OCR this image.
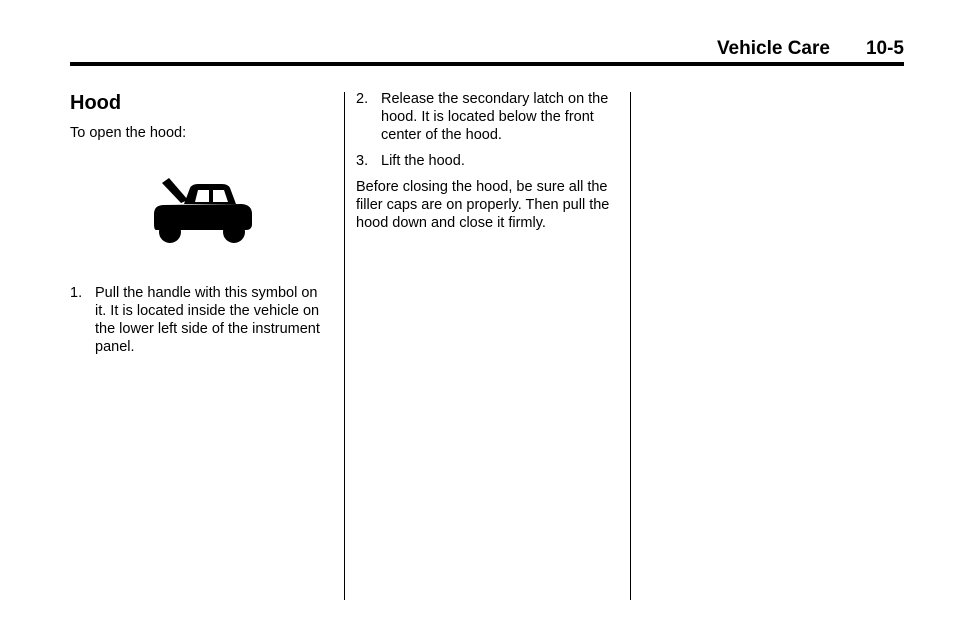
Vehicle Care 10-5
Hood

To open the hood:

1. Pull the handle with this symbol on it. It is located inside the vehicle on the lower left side of the instrument panel.
2. Release the secondary latch on the hood. It is located below the front center of the hood.
3. Lift the hood.

Before closing the hood, be sure all the filler caps are on properly. Then pull the hood down and close it firmly.
